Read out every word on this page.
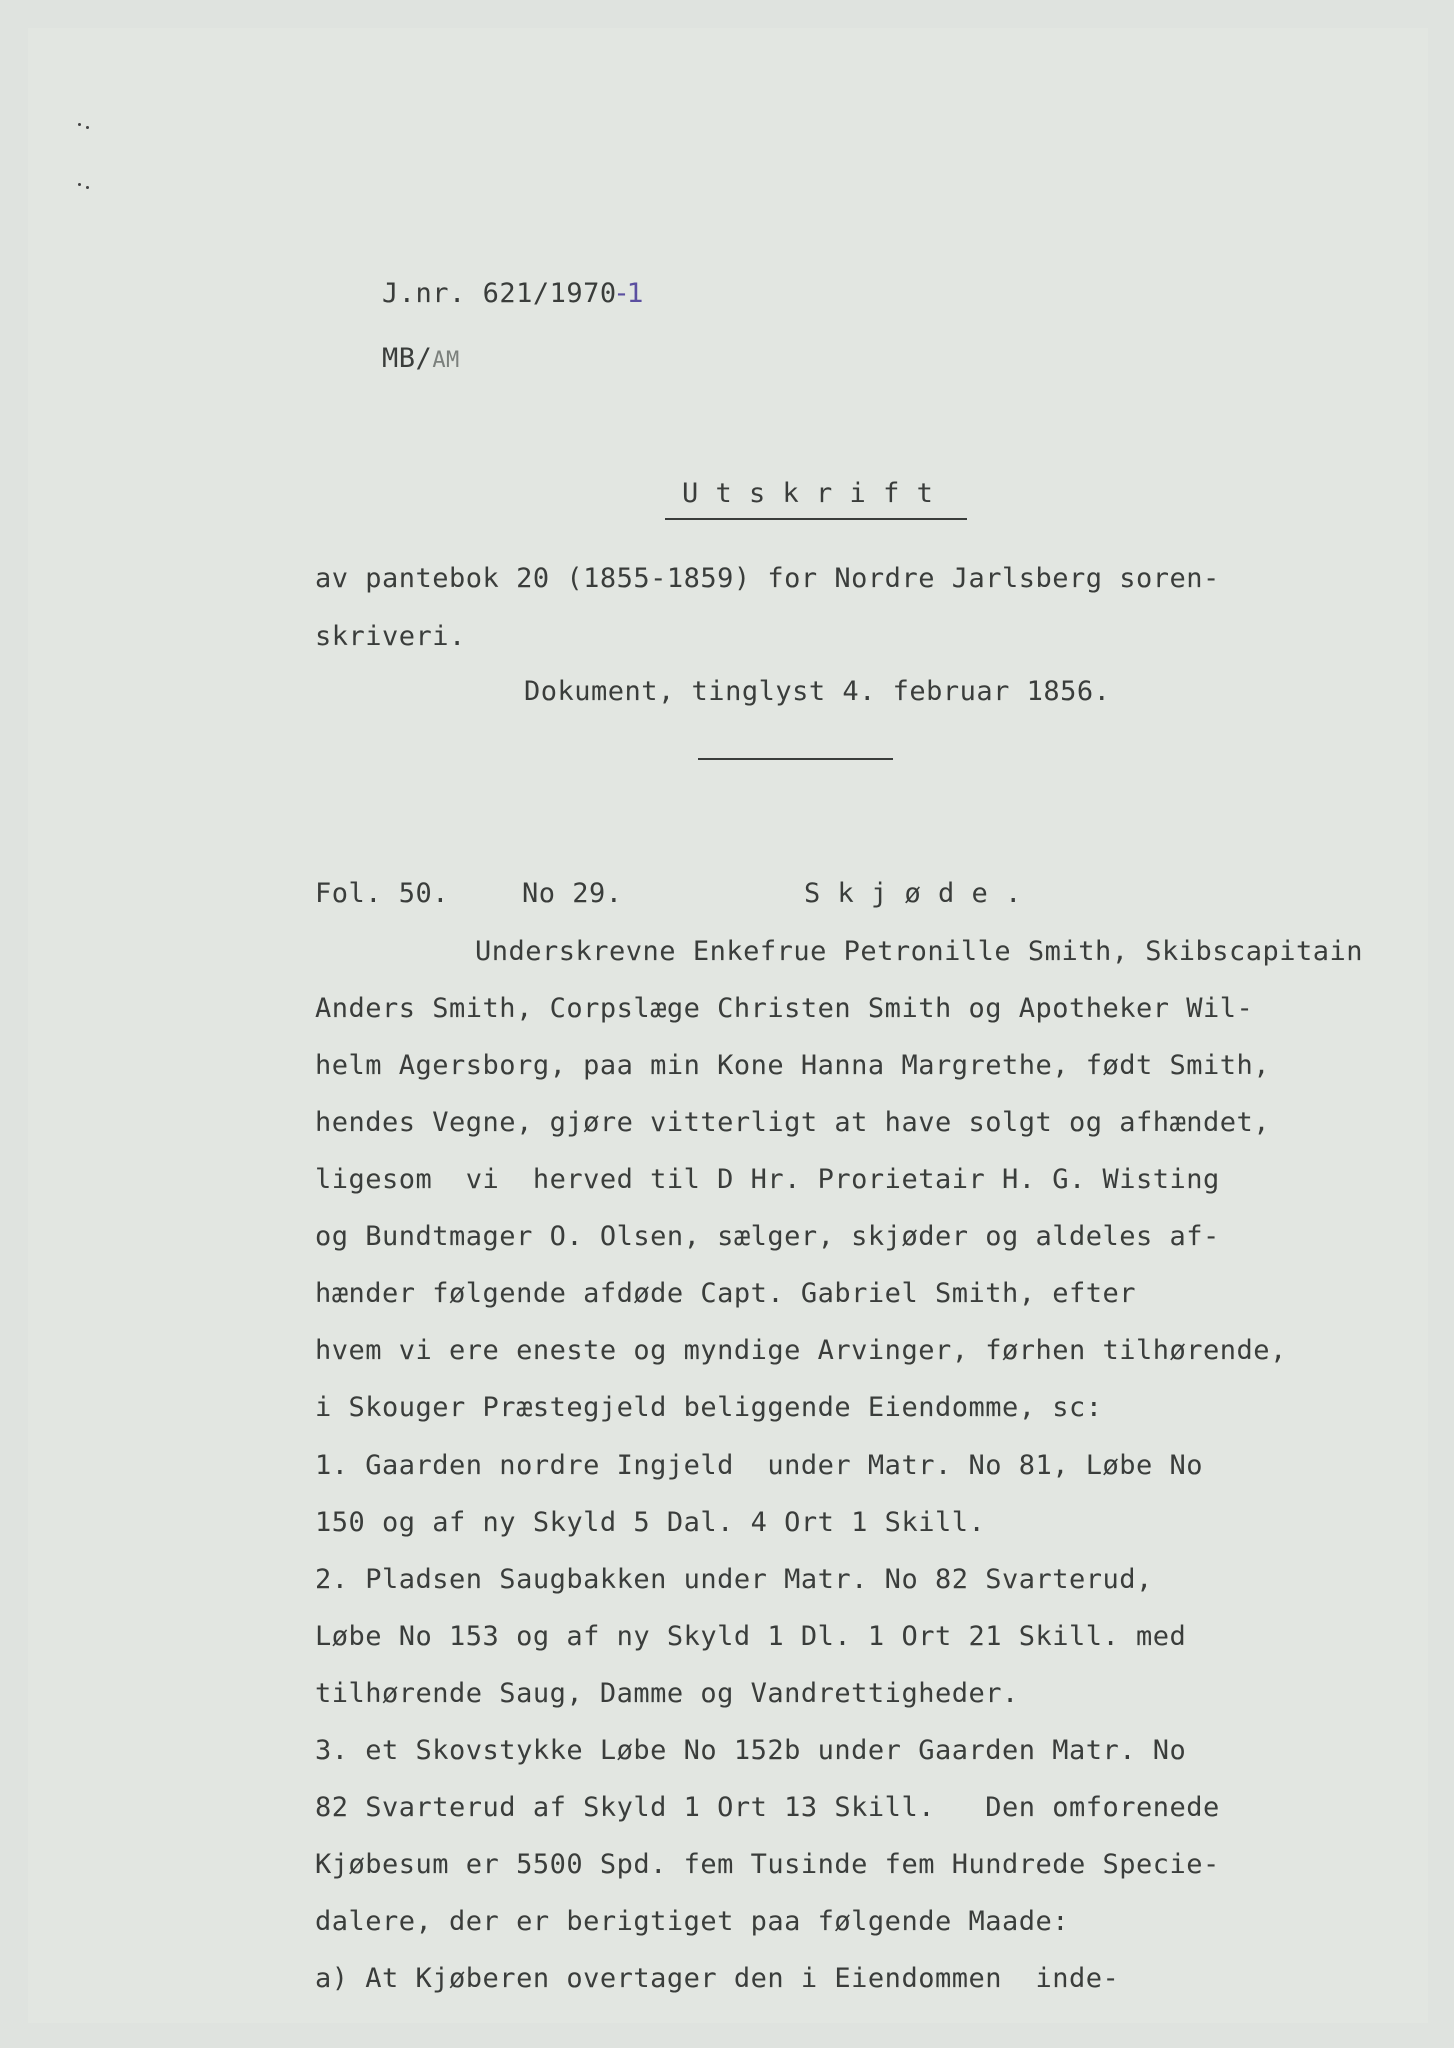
J.nr. 621/1970-1

MB/AM

U t s k r i f t
av pantebok 20 (1855-1859) for Nordre Jarlsberg soren-
skriveri.
Dokument, tinglyst 4. februar 1856.
Fol. 50.	No 29.	S k j ø d e .
Underskrevne Enkefrue Petronille Smith, Skibscapitain
Anders Smith, Corpslæge Christen Smith og Apotheker Wil-
helm Agersborg, paa min Kone Hanna Margrethe, født Smith,
hendes Vegne, gjøre vitterligt at have solgt og afhændet,
ligesom  vi  herved til D Hr. Prorietair H. G. Wisting
og Bundtmager O. Olsen, sælger, skjøder og aldeles af-
hænder følgende afdøde Capt. Gabriel Smith, efter
hvem vi ere eneste og myndige Arvinger, førhen tilhørende,
i Skouger Præstegjeld beliggende Eiendomme, sc:
1. Gaarden nordre Ingjeld  under Matr. No 81, Løbe No
150 og af ny Skyld 5 Dal. 4 Ort 1 Skill.
2. Pladsen Saugbakken under Matr. No 82 Svarterud,
Løbe No 153 og af ny Skyld 1 Dl. 1 Ort 21 Skill. med
tilhørende Saug, Damme og Vandrettigheder.
3. et Skovstykke Løbe No 152b under Gaarden Matr. No
82 Svarterud af Skyld 1 Ort 13 Skill.   Den omforenede
Kjøbesum er 5500 Spd. fem Tusinde fem Hundrede Specie-
dalere, der er berigtiget paa følgende Maade:
a) At Kjøberen overtager den i Eiendommen  inde-
